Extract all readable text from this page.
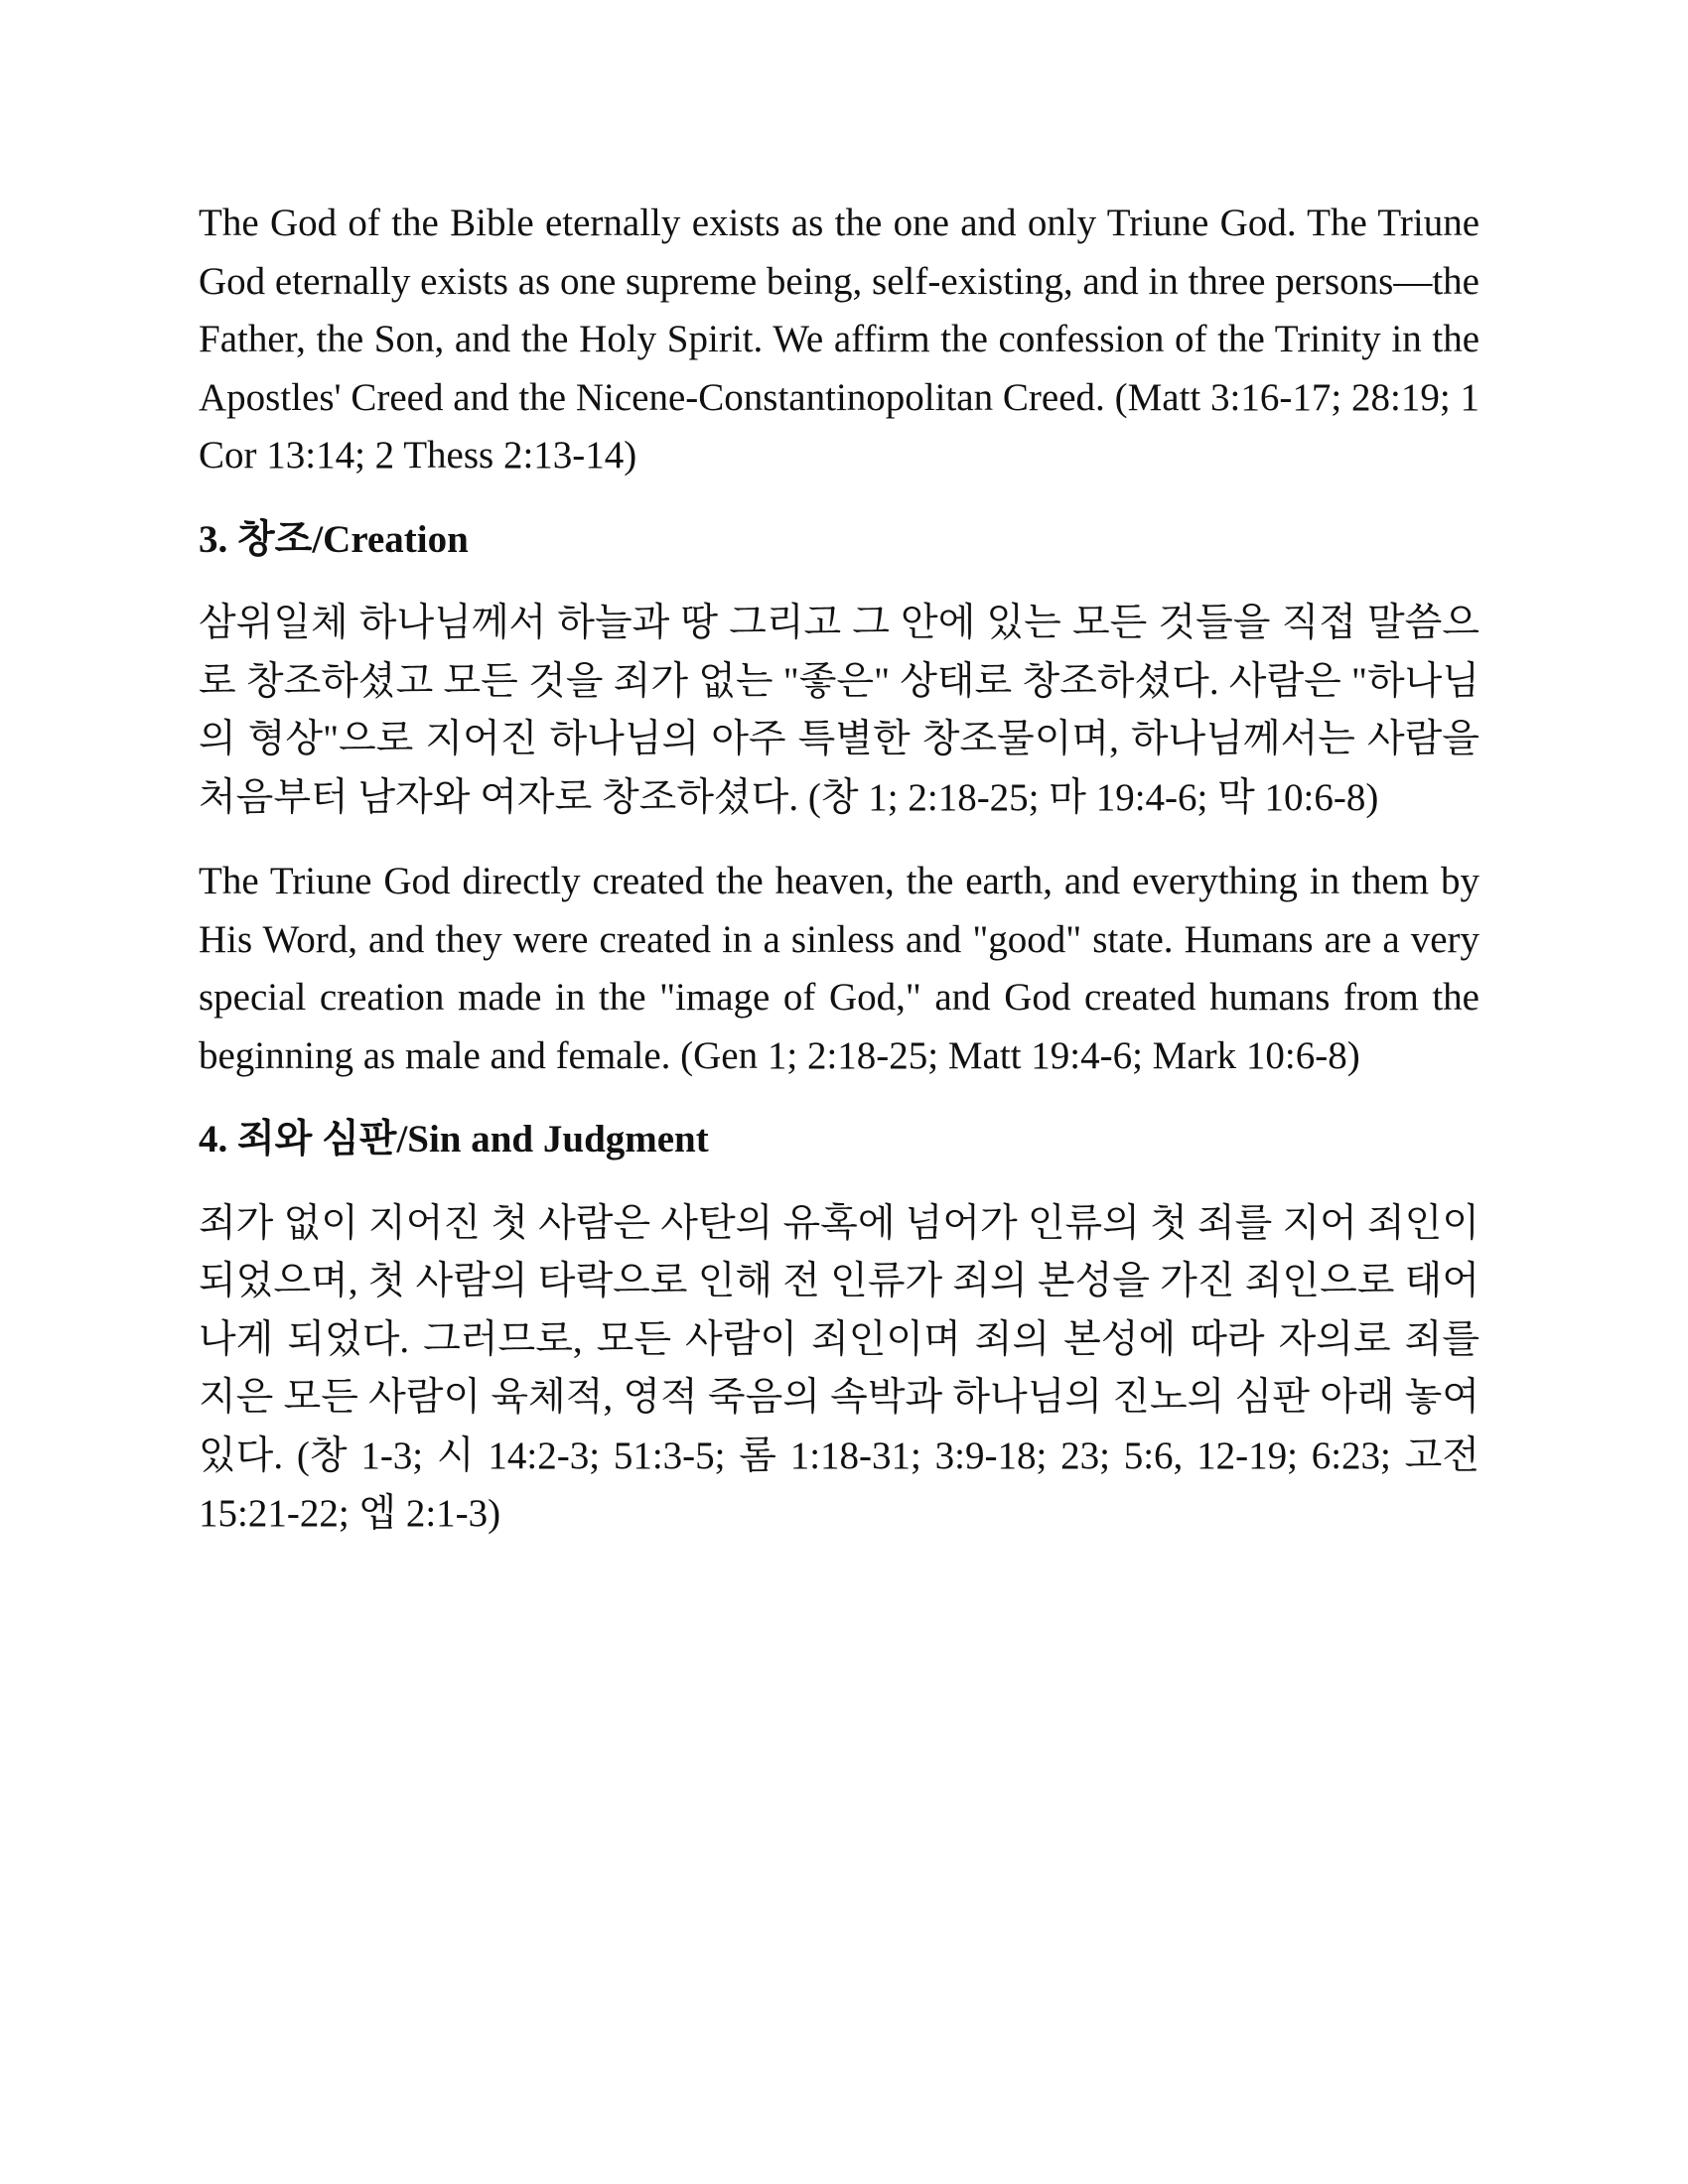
The God of the Bible eternally exists as the one and only Triune God. The Triune God eternally exists as one supreme being, self-existing, and in three persons—the Father, the Son, and the Holy Spirit. We affirm the confession of the Trinity in the Apostles' Creed and the Nicene-Constantinopolitan Creed. (Matt 3:16-17; 28:19; 1 Cor 13:14; 2 Thess 2:13-14)

3. 창조/Creation

삼위일체 하나님께서 하늘과 땅 그리고 그 안에 있는 모든 것들을 직접 말씀으로 창조하셨고 모든 것을 죄가 없는 "좋은" 상태로 창조하셨다. 사람은 "하나님의 형상"으로 지어진 하나님의 아주 특별한 창조물이며, 하나님께서는 사람을 처음부터 남자와 여자로 창조하셨다. (창 1; 2:18-25; 마 19:4-6; 막 10:6-8)

The Triune God directly created the heaven, the earth, and everything in them by His Word, and they were created in a sinless and "good" state. Humans are a very special creation made in the "image of God," and God created humans from the beginning as male and female. (Gen 1; 2:18-25; Matt 19:4-6; Mark 10:6-8)

4. 죄와 심판/Sin and Judgment

죄가 없이 지어진 첫 사람은 사탄의 유혹에 넘어가 인류의 첫 죄를 지어 죄인이 되었으며, 첫 사람의 타락으로 인해 전 인류가 죄의 본성을 가진 죄인으로 태어나게 되었다. 그러므로, 모든 사람이 죄인이며 죄의 본성에 따라 자의로 죄를 지은 모든 사람이 육체적, 영적 죽음의 속박과 하나님의 진노의 심판 아래 놓여 있다. (창 1-3; 시 14:2-3; 51:3-5; 롬 1:18-31; 3:9-18; 23; 5:6, 12-19; 6:23; 고전 15:21-22; 엡 2:1-3)
